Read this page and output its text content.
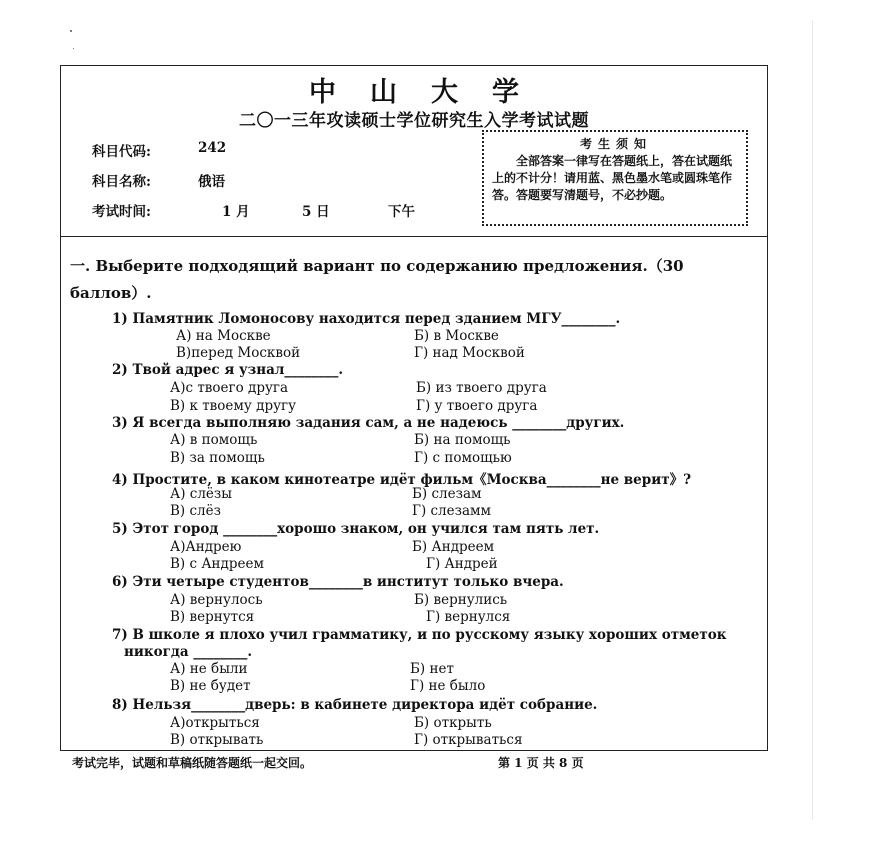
中山大学
二〇一三年攻读硕士学位研究生入学考试试题
科目代码:	242
科目名称:	俄语
考试时间:	1 月	5 日	下午
考生须知
全部答案一律写在答题纸上，答在试题纸上的不计分！请用蓝、黑色墨水笔或圆珠笔作答。答题要写清题号，不必抄题。
一. Выберите подходящий вариант по содержанию предложения.（30 баллов）.
1) Памятник Ломоносову находится перед зданием МГУ________.
А) на Москве	Б) в Москве
В)перед Москвой	Г) над Москвой
2) Твой адрес я узнал________.
А)с твоего друга	Б) из твоего друга
В) к твоему другу	Г) у твоего друга
3) Я всегда выполняю задания сам, а не надеюсь ________других.
А) в помощь	Б) на помощь
В) за помощь	Г) с помощью
4) Простите, в каком кинотеатре идёт фильм《Москва________не верит》?
А) слёзы	Б) слезам
В) слёз	Г) слезамм
5) Этот город ________хорошо знаком, он учился там пять лет.
А)Андрею	Б) Андреем
В) с Андреем	Г) Андрей
6) Эти четыре студентов________в институт только вчера.
А) вернулось	Б) вернулись
В) вернутся	Г) вернулся
7) В школе я плохо учил грамматику, и по русскому языку хороших отметок
никогда ________.
А) не были	Б) нет
В) не будет	Г) не было
8) Нельзя________дверь: в кабинете директора идёт собрание.
А)открыться	Б) открыть
В) открывать	Г) открываться
考试完毕，试题和草稿纸随答题纸一起交回。	第 1 页 共 8 页
